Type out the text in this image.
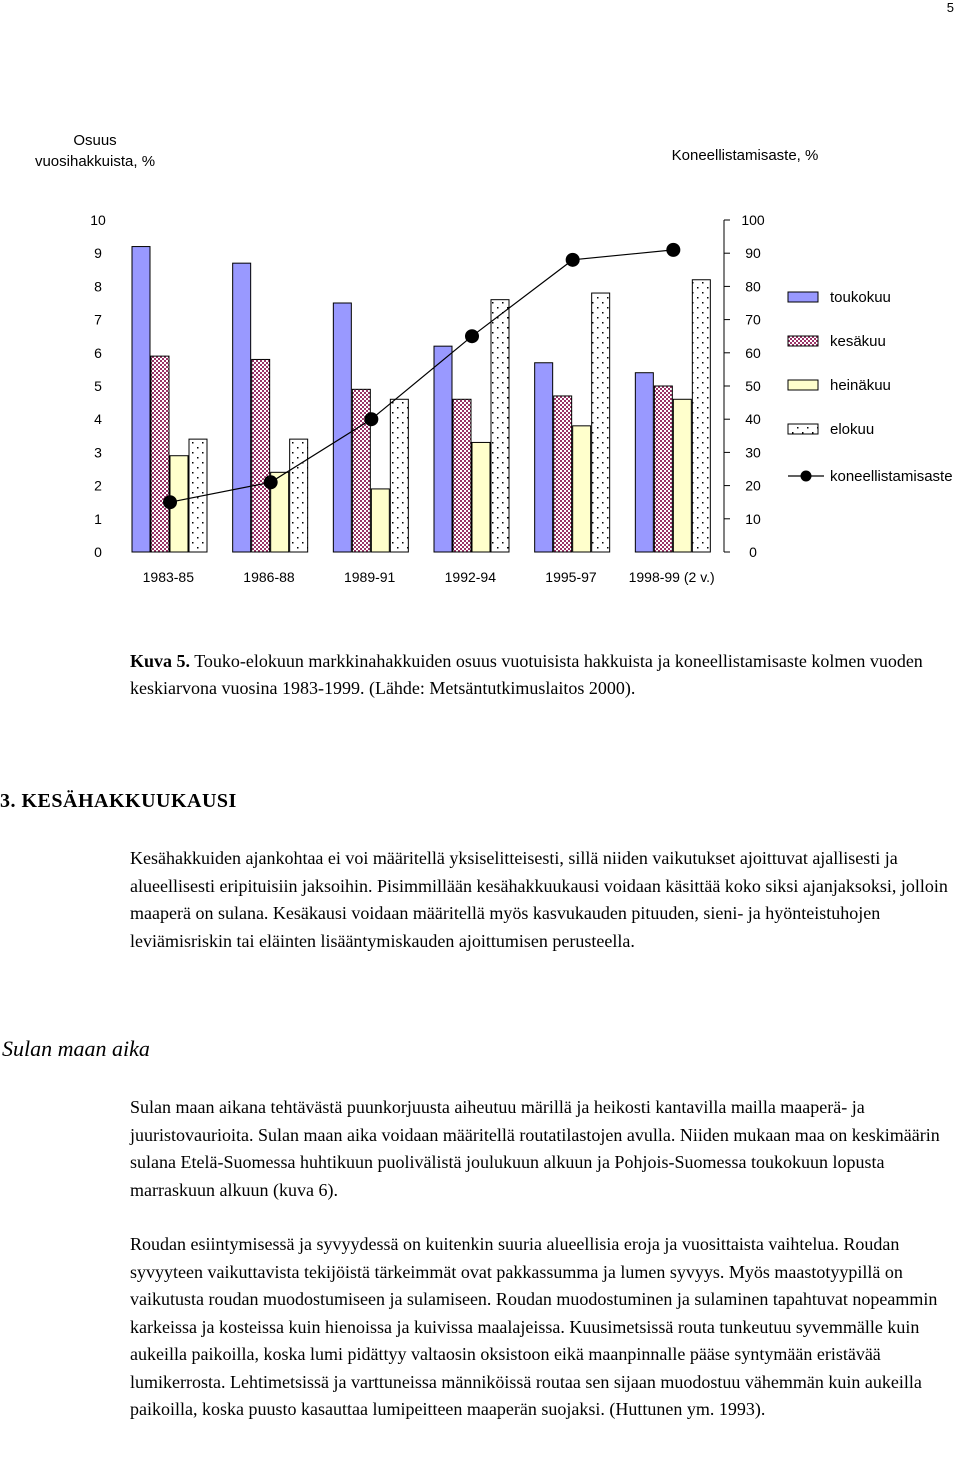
5
Osuus
vuosihakkuista, %	Koneellistamisaste, %
0
1
2
3
4
5
6
7
8
9
10
0
10
20
30
40
50
60
70
80
90
100
1983-85	1986-88	1989-91	1992-94	1995-97 1998-99 (2 v.)
toukokuu
kesäkuu
heinäkuu
elokuu
koneellistamisaste
Kuva 5. Touko-elokuun markkinahakkuiden osuus vuotuisista hakkuista ja koneellistamisaste kolmen vuoden keskiarvona vuosina 1983-1999. (Lähde: Metsäntutkimuslaitos 2000).
3. KESÄHAKKUUKAUSI
Kesähakkuiden ajankohtaa ei voi määritellä yksiselitteisesti, sillä niiden vaikutukset ajoittuvat ajallisesti ja alueellisesti eripituisiin jaksoihin. Pisimmillään kesähakkuukausi voidaan käsittää koko siksi ajanjaksoksi, jolloin maaperä on sulana. Kesäkausi voidaan määritellä myös kasvukauden pituuden, sieni- ja hyönteistuhojen leviämisriskin tai eläinten lisääntymiskauden ajoittumisen perusteella.
Sulan maan aika
Sulan maan aikana tehtävästä puunkorjuusta aiheutuu märillä ja heikosti kantavilla mailla maaperä- ja juuristovaurioita. Sulan maan aika voidaan määritellä routatilastojen avulla. Niiden mukaan maa on keskimäärin sulana Etelä-Suomessa huhtikuun puolivälistä joulukuun alkuun ja Pohjois-Suomessa toukokuun lopusta marraskuun alkuun (kuva 6).
Roudan esiintymisessä ja syvyydessä on kuitenkin suuria alueellisia eroja ja vuosittaista vaihtelua. Roudan syvyyteen vaikuttavista tekijöistä tärkeimmät ovat pakkassumma ja lumen syvyys. Myös maastotyypillä on vaikutusta roudan muodostumiseen ja sulamiseen. Roudan muodostuminen ja sulaminen tapahtuvat nopeammin karkeissa ja kosteissa kuin hienoissa ja kuivissa maalajeissa. Kuusimetsissä routa tunkeutuu syvemmälle kuin aukeilla paikoilla, koska lumi pidättyy valtaosin oksistoon eikä maanpinnalle pääse syntymään eristävää lumikerrosta. Lehtimetsissä ja varttuneissa männiköissä routaa sen sijaan muodostuu vähemmän kuin aukeilla paikoilla, koska puusto kasauttaa lumipeitteen maaperän suojaksi. (Huttunen ym. 1993).
